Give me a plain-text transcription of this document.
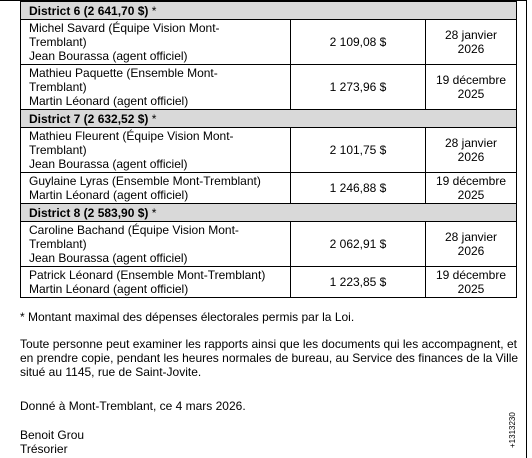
District 6 (2 641,70 $) *		

Michel Savard (Équipe Vision Mont-
Tremblant)
Jean Bourassa (agent officiel)	2 109,08 $	28 janvier 2026

Mathieu Paquette (Ensemble Mont-
Tremblant)
Martin Léonard (agent officiel)	1 273,96 $	19 décembre
2025

District 7 (2 632,52 $) *		

Mathieu Fleurent (Équipe Vision Mont-
Tremblant)
Jean Bourassa (agent officiel)	2 101,75 $	28 janvier 2026

Guylaine Lyras (Ensemble Mont-Tremblant)
Martin Léonard (agent officiel)	1 246,88 $	19 décembre
2025

District 8 (2 583,90 $) *		

Caroline Bachand (Équipe Vision Mont-
Tremblant)
Jean Bourassa (agent officiel)	2 062,91 $	28 janvier 2026

Patrick Léonard (Ensemble Mont-Tremblant)
Martin Léonard (agent officiel)	1 223,85 $	19 décembre
2025
* Montant maximal des dépenses électorales permis par la Loi.
Toute personne peut examiner les rapports ainsi que les documents qui les accompagnent, et
en prendre copie, pendant les heures normales de bureau, au Service des finances de la Ville
situé au 1145, rue de Saint-Jovite.
Donné à Mont-Tremblant, ce 4 mars 2026.
Benoit Grou
Trésorier
+1313230
